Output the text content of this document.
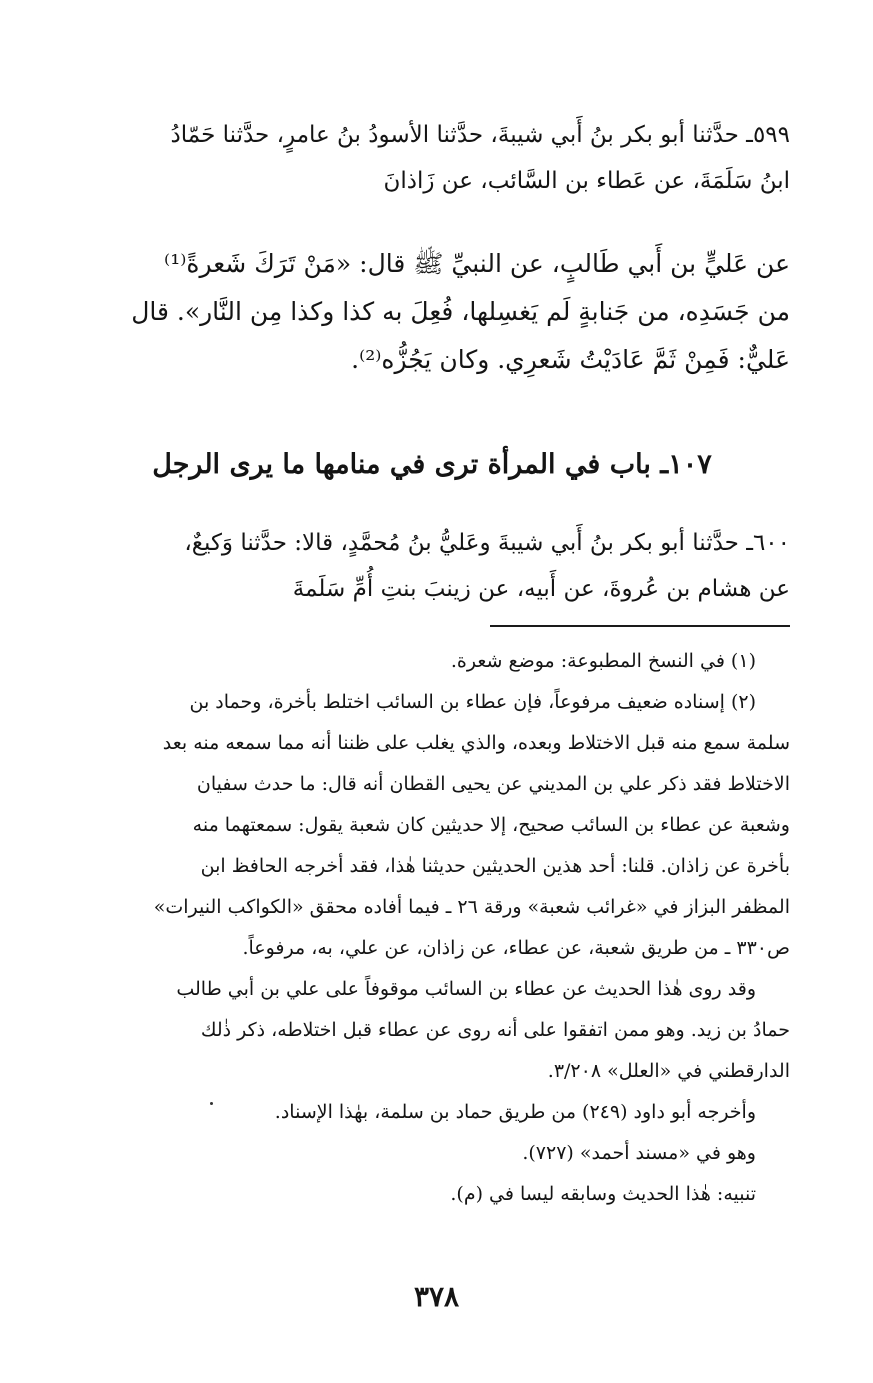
٥٩٩ـ حدَّثنا أبو بكر بنُ أَبي شيبةَ، حدَّثنا الأسودُ بنُ عامرٍ، حدَّثنا حَمّادُ
ابنُ سَلَمَةَ، عن عَطاء بن السَّائب، عن زَاذانَ
عن عَليٍّ بن أَبي طَالبٍ، عن النبيِّ ﷺ قال: «مَنْ تَرَكَ شَعرةً⁽¹⁾
من جَسَدِه، من جَنابةٍ لَم يَغسِلها، فُعِلَ به كذا وكذا مِن النَّار». قال
عَليٌّ: فَمِنْ ثَمَّ عَادَيْتُ شَعرِي. وكان يَجُزُّه⁽²⁾.
١٠٧ـ باب في المرأة ترى في منامها ما يرى الرجل
٦٠٠ـ حدَّثنا أبو بكر بنُ أَبي شيبةَ وعَليُّ بنُ مُحمَّدٍ، قالا: حدَّثنا وَكيعٌ،
عن هشام بن عُروةَ، عن أَبيه، عن زينبَ بنتِ أُمِّ سَلَمةَ
(١) في النسخ المطبوعة: موضع شعرة.
(٢) إسناده ضعيف مرفوعاً، فإن عطاء بن السائب اختلط بأخرة، وحماد بن
سلمة سمع منه قبل الاختلاط وبعده، والذي يغلب على ظننا أنه مما سمعه منه بعد
الاختلاط فقد ذكر علي بن المديني عن يحيى القطان أنه قال: ما حدث سفيان
وشعبة عن عطاء بن السائب صحيح، إلا حديثين كان شعبة يقول: سمعتهما منه
بأخرة عن زاذان. قلنا: أحد هذين الحديثين حديثنا هٰذا، فقد أخرجه الحافظ ابن
المظفر البزاز في «غرائب شعبة» ورقة ٢٦ ـ فيما أفاده محقق «الكواكب النيرات»
ص٣٣٠ ـ من طريق شعبة، عن عطاء، عن زاذان، عن علي، به، مرفوعاً.
وقد روى هٰذا الحديث عن عطاء بن السائب موقوفاً على علي بن أبي طالب
حمادُ بن زيد. وهو ممن اتفقوا على أنه روى عن عطاء قبل اختلاطه، ذكر ذٰلك
الدارقطني في «العلل» ٣/٢٠٨.
وأخرجه أبو داود (٢٤٩) من طريق حماد بن سلمة، بهٰذا الإسناد.
وهو في «مسند أحمد» (٧٢٧).
تنبيه: هٰذا الحديث وسابقه ليسا في (م).
٣٧٨
